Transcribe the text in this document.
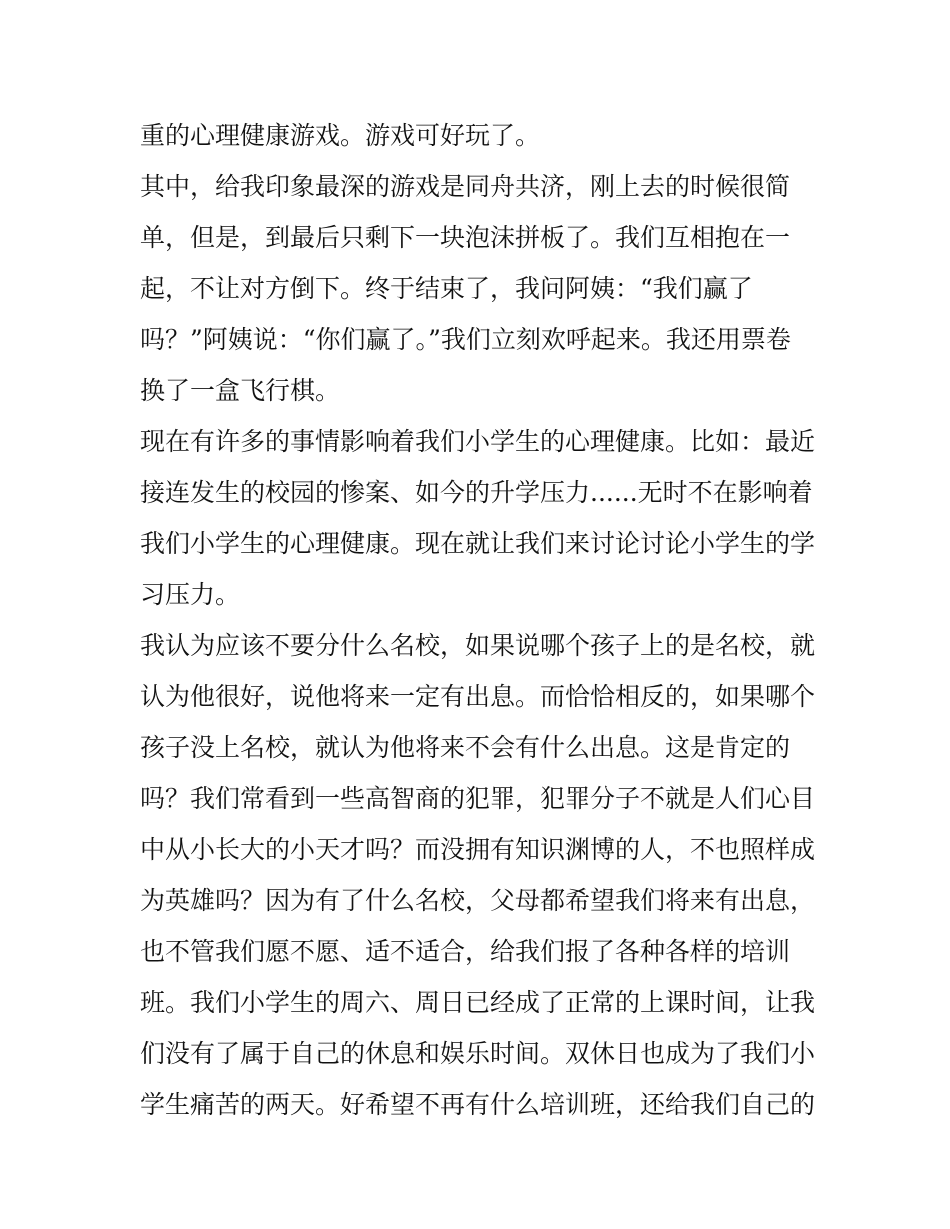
重的心理健康游戏。游戏可好玩了。
其中，给我印象最深的游戏是同舟共济，刚上去的时候很简
单，但是，到最后只剩下一块泡沫拼板了。我们互相抱在一
起，不让对方倒下。终于结束了，我问阿姨：“我们赢了
吗？”阿姨说：“你们赢了。”我们立刻欢呼起来。我还用票卷
换了一盒飞行棋。
现在有许多的事情影响着我们小学生的心理健康。比如：最近
接连发生的校园的惨案、如今的升学压力......无时不在影响着
我们小学生的心理健康。现在就让我们来讨论讨论小学生的学
习压力。
我认为应该不要分什么名校，如果说哪个孩子上的是名校，就
认为他很好，说他将来一定有出息。而恰恰相反的，如果哪个
孩子没上名校，就认为他将来不会有什么出息。这是肯定的
吗？我们常看到一些高智商的犯罪，犯罪分子不就是人们心目
中从小长大的小天才吗？而没拥有知识渊博的人，不也照样成
为英雄吗？因为有了什么名校，父母都希望我们将来有出息，
也不管我们愿不愿、适不适合，给我们报了各种各样的培训
班。我们小学生的周六、周日已经成了正常的上课时间，让我
们没有了属于自己的休息和娱乐时间。双休日也成为了我们小
学生痛苦的两天。好希望不再有什么培训班，还给我们自己的
